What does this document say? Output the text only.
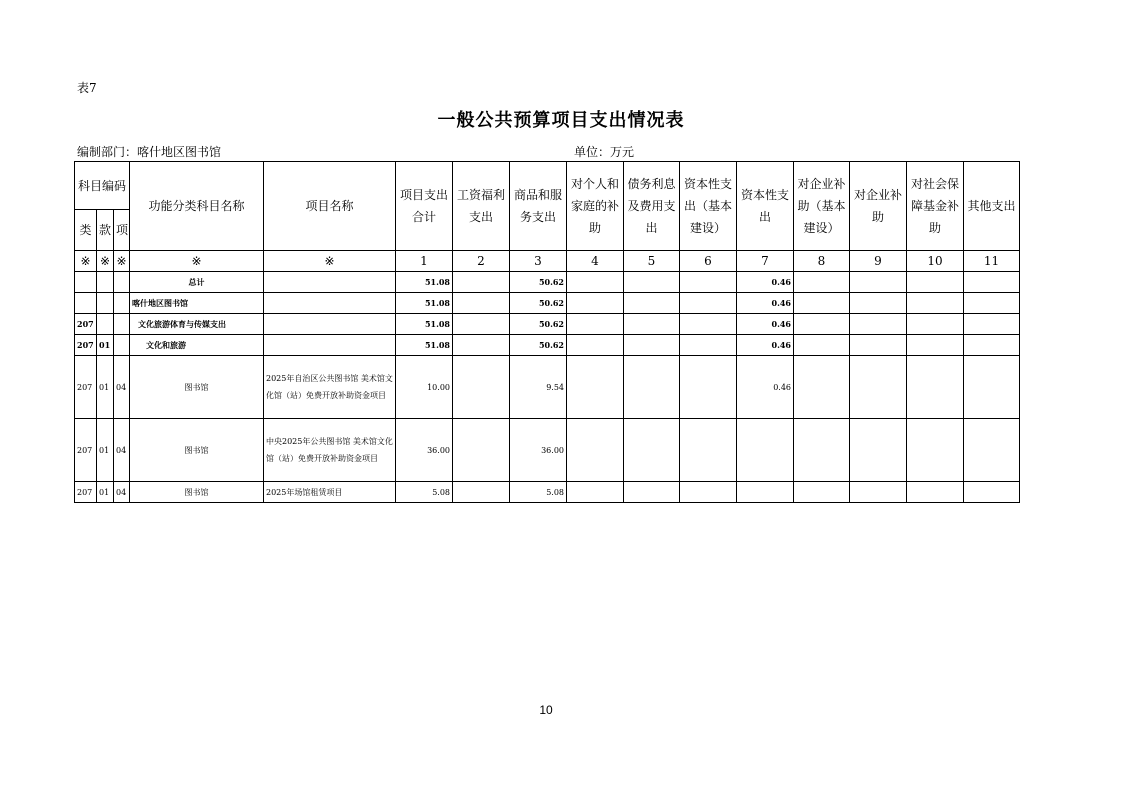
表7
一般公共预算项目支出情况表
编制部门：喀什地区图书馆	单位：万元
科目编码			功能分类科目名称	项目名称	项目支出合计	工资福利支出	商品和服务支出	对个人和家庭的补助	债务利息及费用支出	资本性支出（基本建设）	资本性支出	对企业补助（基本建设）	对企业补助	对社会保障基金补助	其他支出
类	款	项													
※	※	※	※	※	1	2	3	4	5	6	7	8	9	10	11
			总计		51.08		50.62				0.46				
			喀什地区图书馆		51.08		50.62				0.46				
207			文化旅游体育与传媒支出		51.08		50.62				0.46				
207	01		文化和旅游		51.08		50.62				0.46				
207	01	04	图书馆	2025年自治区公共图书馆 美术馆文化馆（站）免费开放补助资金项目	10.00		9.54				0.46				
207	01	04	图书馆	中央2025年公共图书馆 美术馆文化馆（站）免费开放补助资金项目	36.00		36.00								
207	01	04	图书馆	2025年场馆租赁项目	5.08		5.08								
10
